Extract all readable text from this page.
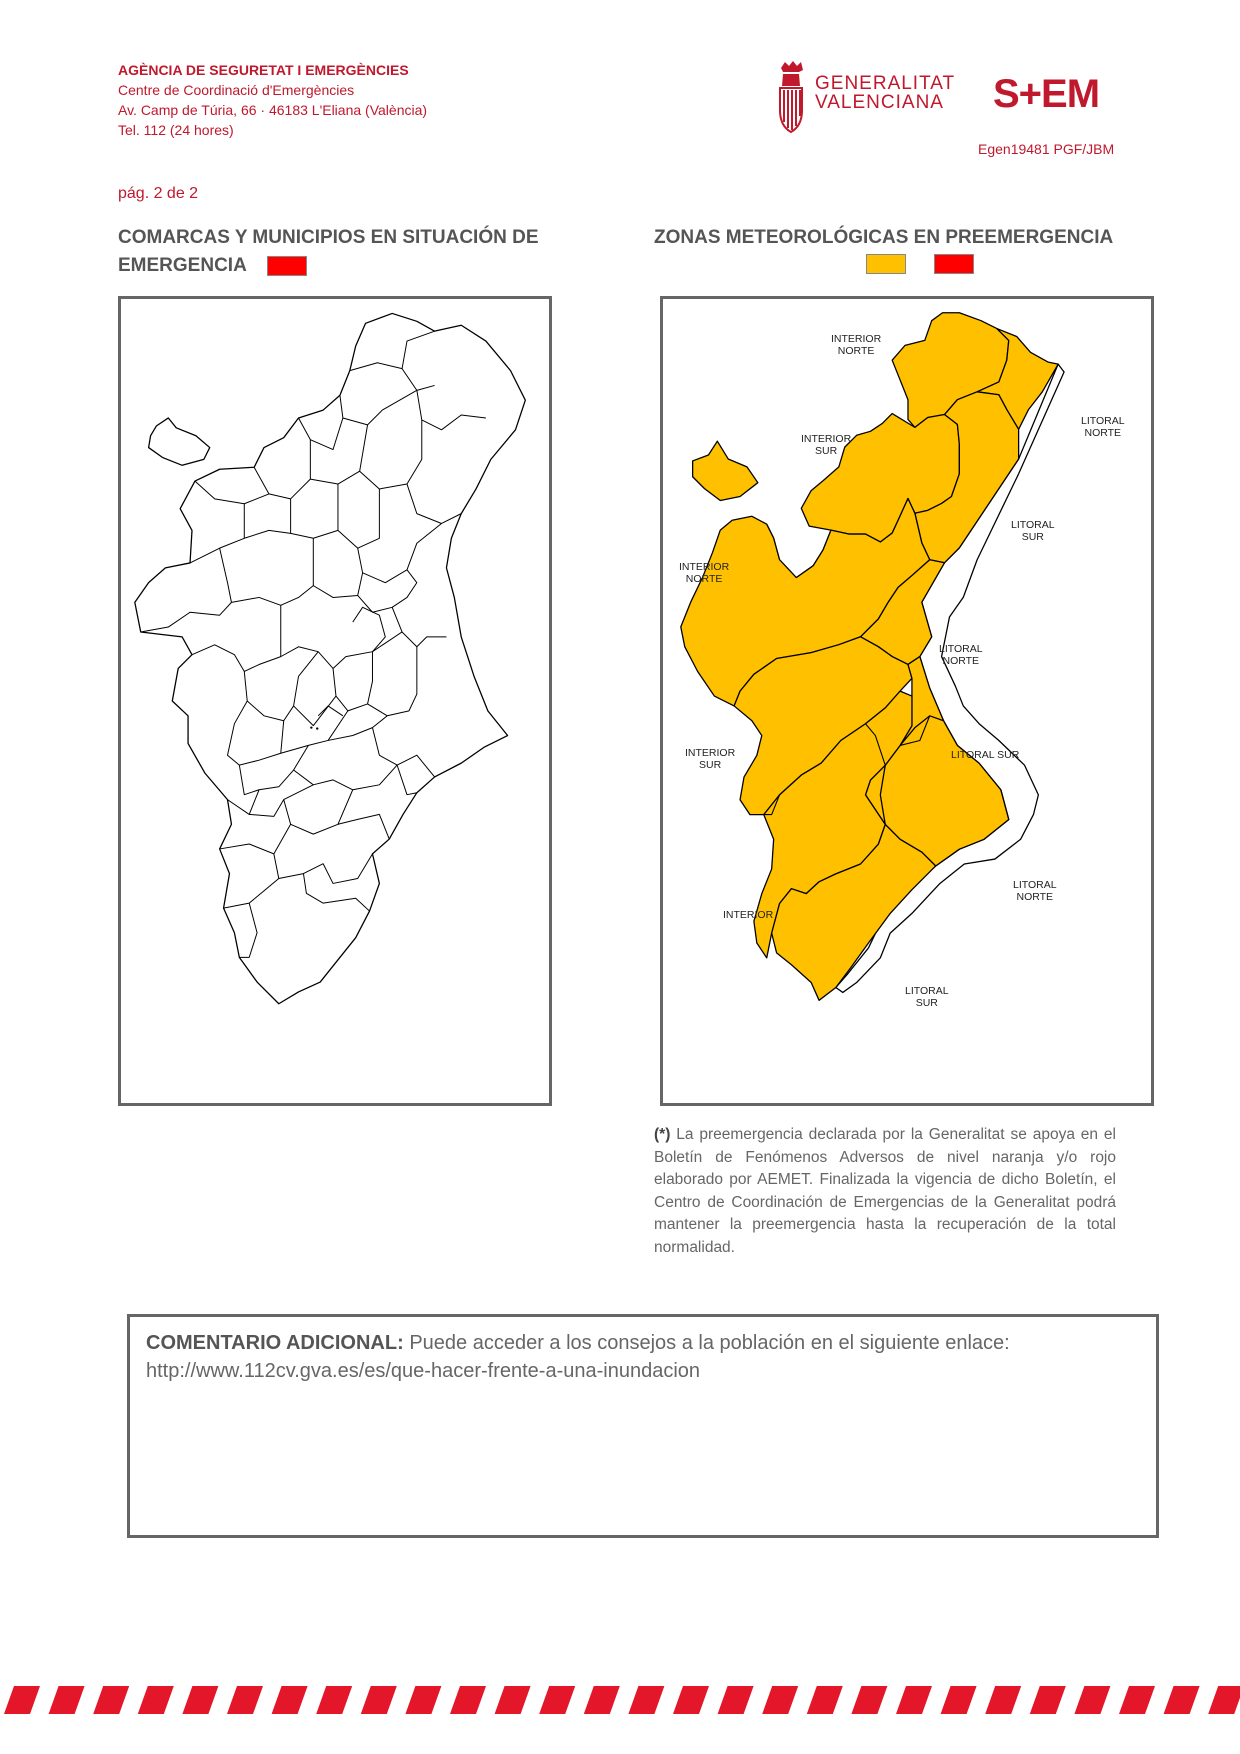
AGÈNCIA DE SEGURETAT I EMERGÈNCIES
Centre de Coordinació d'Emergències
Av. Camp de Túria, 66 · 46183 L'Eliana (València)
Tel. 112 (24 hores)
GENERALITAT
VALENCIANA S+EM
Egen19481 PGF/JBM
pág. 2 de 2
COMARCAS Y MUNICIPIOS EN SITUACIÓN DE EMERGENCIA
ZONAS METEOROLÓGICAS EN PREEMERGENCIA
INTERIOR
NORTE
LITORAL
NORTE
INTERIOR
SUR
LITORAL
SUR
INTERIOR
NORTE
LITORAL
NORTE
INTERIOR
SUR
LITORAL SUR
LITORAL
NORTE
INTERIOR
LITORAL
SUR
(*) La preemergencia declarada por la Generalitat se apoya en el Boletín de Fenómenos Adversos de nivel naranja y/o rojo elaborado por AEMET. Finalizada la vigencia de dicho Boletín, el Centro de Coordinación de Emergencias de la Generalitat podrá mantener la preemergencia hasta la recuperación de la total normalidad.
COMENTARIO ADICIONAL: Puede acceder a los consejos a la población en el siguiente enlace:
http://www.112cv.gva.es/es/que-hacer-frente-a-una-inundacion
